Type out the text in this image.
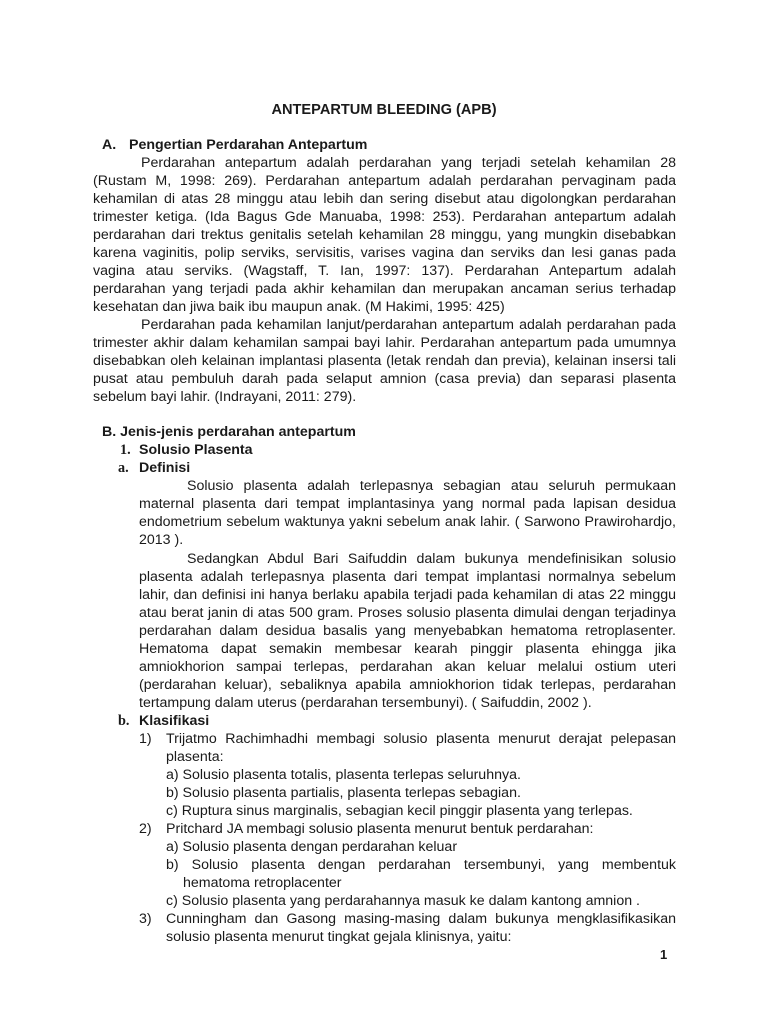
ANTEPARTUM BLEEDING (APB)
A. Pengertian Perdarahan Antepartum
Perdarahan antepartum adalah perdarahan yang terjadi setelah kehamilan 28
(Rustam M, 1998: 269). Perdarahan antepartum adalah perdarahan pervaginam pada
kehamilan di atas 28 minggu atau lebih dan sering disebut atau digolongkan perdarahan
trimester ketiga. (Ida Bagus Gde Manuaba, 1998: 253). Perdarahan antepartum adalah
perdarahan dari trektus genitalis setelah kehamilan 28 minggu, yang mungkin disebabkan
karena vaginitis, polip serviks, servisitis, varises vagina dan serviks dan lesi ganas pada
vagina atau serviks. (Wagstaff, T. Ian, 1997: 137). Perdarahan Antepartum adalah
perdarahan yang terjadi pada akhir kehamilan dan merupakan ancaman serius terhadap
kesehatan dan jiwa baik ibu maupun anak. (M Hakimi, 1995: 425)
Perdarahan pada kehamilan lanjut/perdarahan antepartum adalah perdarahan pada
trimester akhir dalam kehamilan sampai bayi lahir. Perdarahan antepartum pada umumnya
disebabkan oleh kelainan implantasi plasenta (letak rendah dan previa), kelainan insersi tali
pusat atau pembuluh darah pada selaput amnion (casa previa) dan separasi plasenta
sebelum bayi lahir. (Indrayani, 2011: 279).
B. Jenis-jenis perdarahan antepartum
1. Solusio Plasenta
a. Definisi
Solusio plasenta adalah terlepasnya sebagian atau seluruh permukaan
maternal plasenta dari tempat implantasinya yang normal pada lapisan desidua
endometrium sebelum waktunya yakni sebelum anak lahir. ( Sarwono Prawirohardjo,
2013 ).
Sedangkan Abdul Bari Saifuddin dalam bukunya mendefinisikan solusio
plasenta adalah terlepasnya plasenta dari tempat implantasi normalnya sebelum
lahir, dan definisi ini hanya berlaku apabila terjadi pada kehamilan di atas 22 minggu
atau berat janin di atas 500 gram. Proses solusio plasenta dimulai dengan terjadinya
perdarahan dalam desidua basalis yang menyebabkan hematoma retroplasenter.
Hematoma dapat semakin membesar kearah pinggir plasenta ehingga jika
amniokhorion sampai terlepas, perdarahan akan keluar melalui ostium uteri
(perdarahan keluar), sebaliknya apabila amniokhorion tidak terlepas, perdarahan
tertampung dalam uterus (perdarahan tersembunyi). ( Saifuddin, 2002 ).
b. Klasifikasi
1) Trijatmo Rachimhadhi membagi solusio plasenta menurut derajat pelepasan
plasenta:
a) Solusio plasenta totalis, plasenta terlepas seluruhnya.
b) Solusio plasenta partialis, plasenta terlepas sebagian.
c) Ruptura sinus marginalis, sebagian kecil pinggir plasenta yang terlepas.
2) Pritchard JA membagi solusio plasenta menurut bentuk perdarahan:
a) Solusio plasenta dengan perdarahan keluar
b) Solusio plasenta dengan perdarahan tersembunyi, yang membentuk
hematoma retroplacenter
c) Solusio plasenta yang perdarahannya masuk ke dalam kantong amnion .
3) Cunningham dan Gasong masing-masing dalam bukunya mengklasifikasikan
solusio plasenta menurut tingkat gejala klinisnya, yaitu:
1
